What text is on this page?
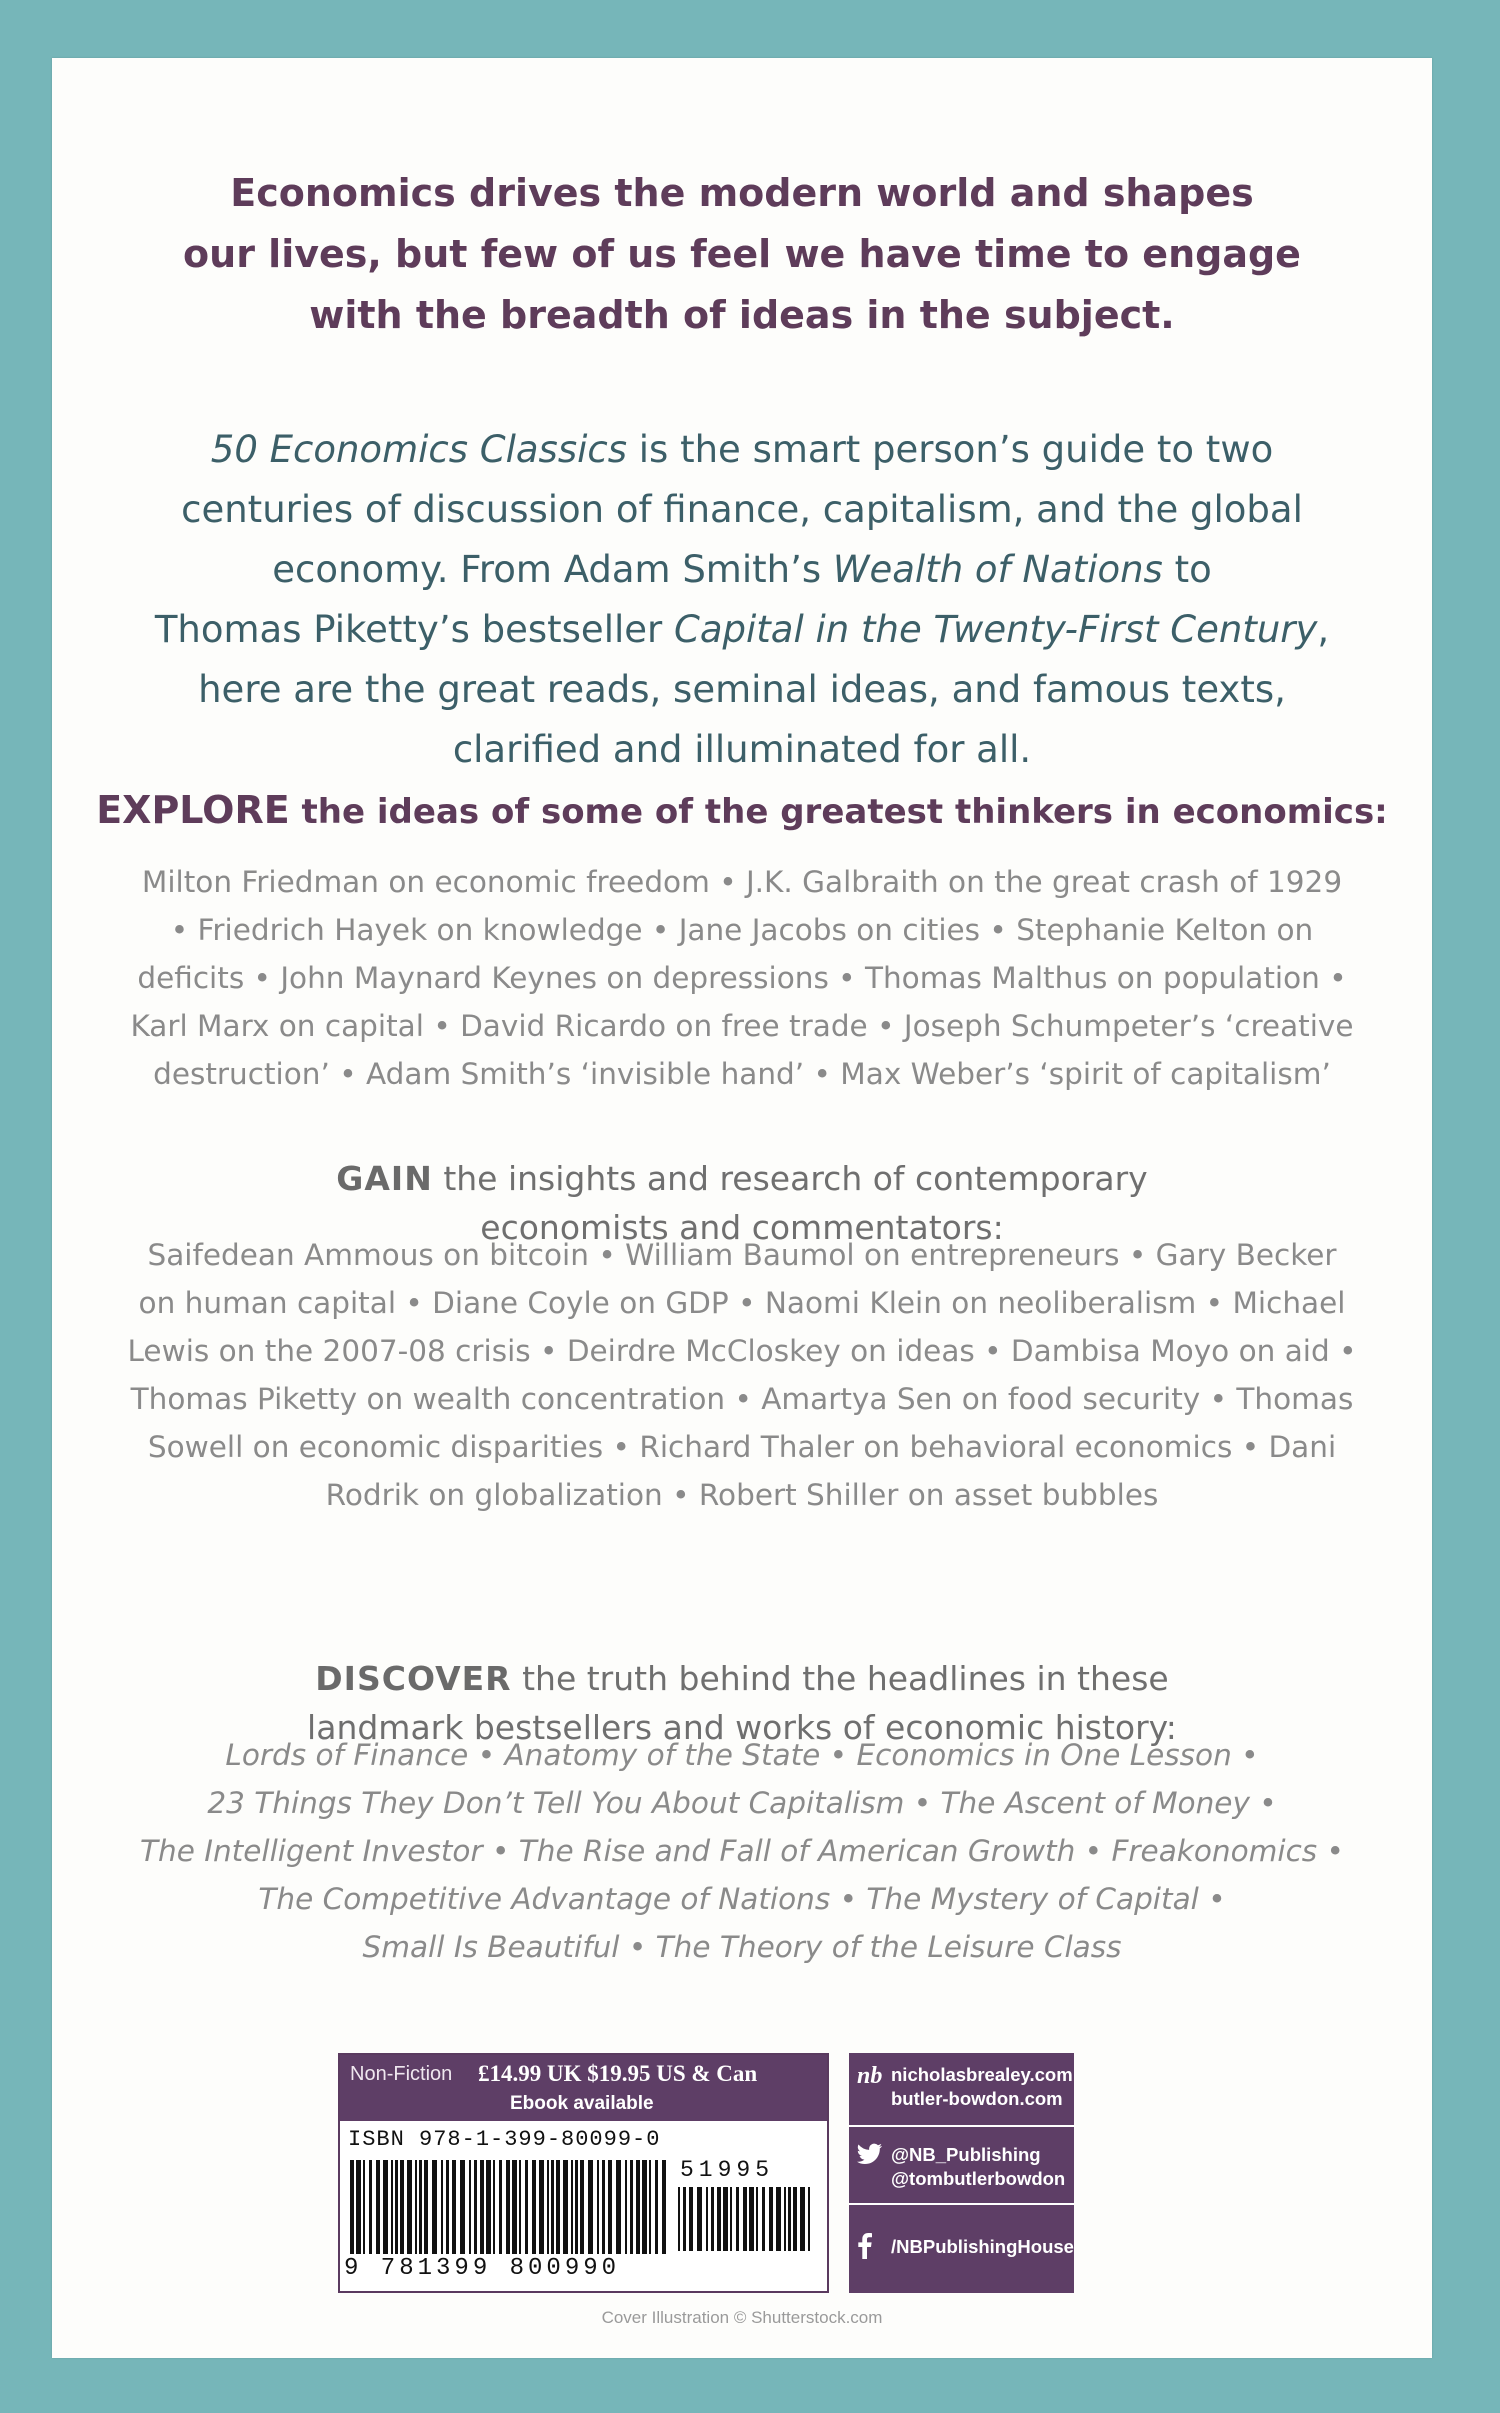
Economics drives the modern world and shapes
our lives, but few of us feel we have time to engage
with the breadth of ideas in the subject.
50 Economics Classics is the smart person’s guide to two
centuries of discussion of finance, capitalism, and the global
economy. From Adam Smith’s Wealth of Nations to
Thomas Piketty’s bestseller Capital in the Twenty-First Century,
here are the great reads, seminal ideas, and famous texts,
clarified and illuminated for all.
EXPLORE the ideas of some of the greatest thinkers in economics:
Milton Friedman on economic freedom • J.K. Galbraith on the great crash of 1929
• Friedrich Hayek on knowledge • Jane Jacobs on cities • Stephanie Kelton on
deficits • John Maynard Keynes on depressions • Thomas Malthus on population •
Karl Marx on capital • David Ricardo on free trade • Joseph Schumpeter’s ‘creative
destruction’ • Adam Smith’s ‘invisible hand’ • Max Weber’s ‘spirit of capitalism’
GAIN the insights and research of contemporary
economists and commentators:
Saifedean Ammous on bitcoin • William Baumol on entrepreneurs • Gary Becker
on human capital • Diane Coyle on GDP • Naomi Klein on neoliberalism • Michael
Lewis on the 2007-08 crisis • Deirdre McCloskey on ideas • Dambisa Moyo on aid •
Thomas Piketty on wealth concentration • Amartya Sen on food security • Thomas
Sowell on economic disparities • Richard Thaler on behavioral economics • Dani
Rodrik on globalization • Robert Shiller on asset bubbles
DISCOVER the truth behind the headlines in these
landmark bestsellers and works of economic history:
Lords of Finance • Anatomy of the State • Economics in One Lesson •
23 Things They Don’t Tell You About Capitalism • The Ascent of Money •
The Intelligent Investor • The Rise and Fall of American Growth • Freakonomics •
The Competitive Advantage of Nations • The Mystery of Capital •
Small Is Beautiful • The Theory of the Leisure Class
Non-Fiction £14.99 UK $19.95 US & Can
Ebook available
ISBN 978-1-399-80099-0
9 781399 800990
51995
nb nicholasbrealey.com
butler-bowdon.com
@NB_Publishing
@tombutlerbowdon
/NBPublishingHouse
Cover Illustration © Shutterstock.com
